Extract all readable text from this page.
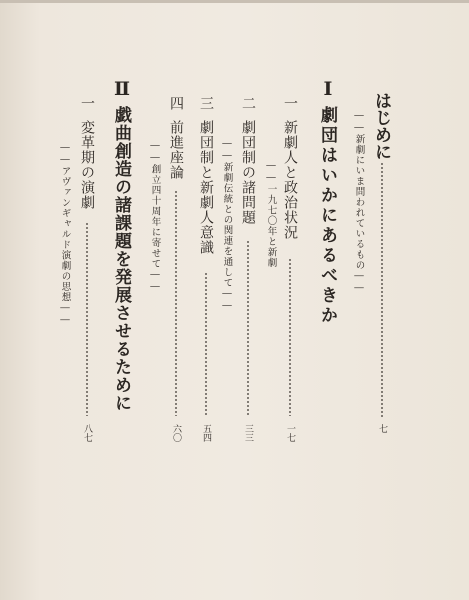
はじめに
七
――新劇にいま問われているもの――
Ⅰ
劇団はいかにあるべきか
一
新劇人と政治状況
一七
――一九七〇年と新劇
二
劇団制の諸問題
三三
――新劇伝統との関連を通して――
三
劇団制と新劇人意識
五四
四
前進座論
六〇
――創立四十周年に寄せて――
Ⅱ
戯曲創造の諸課題を発展させるために
一
変革期の演劇
八七
――アヴァンギャルド演劇の思想――
